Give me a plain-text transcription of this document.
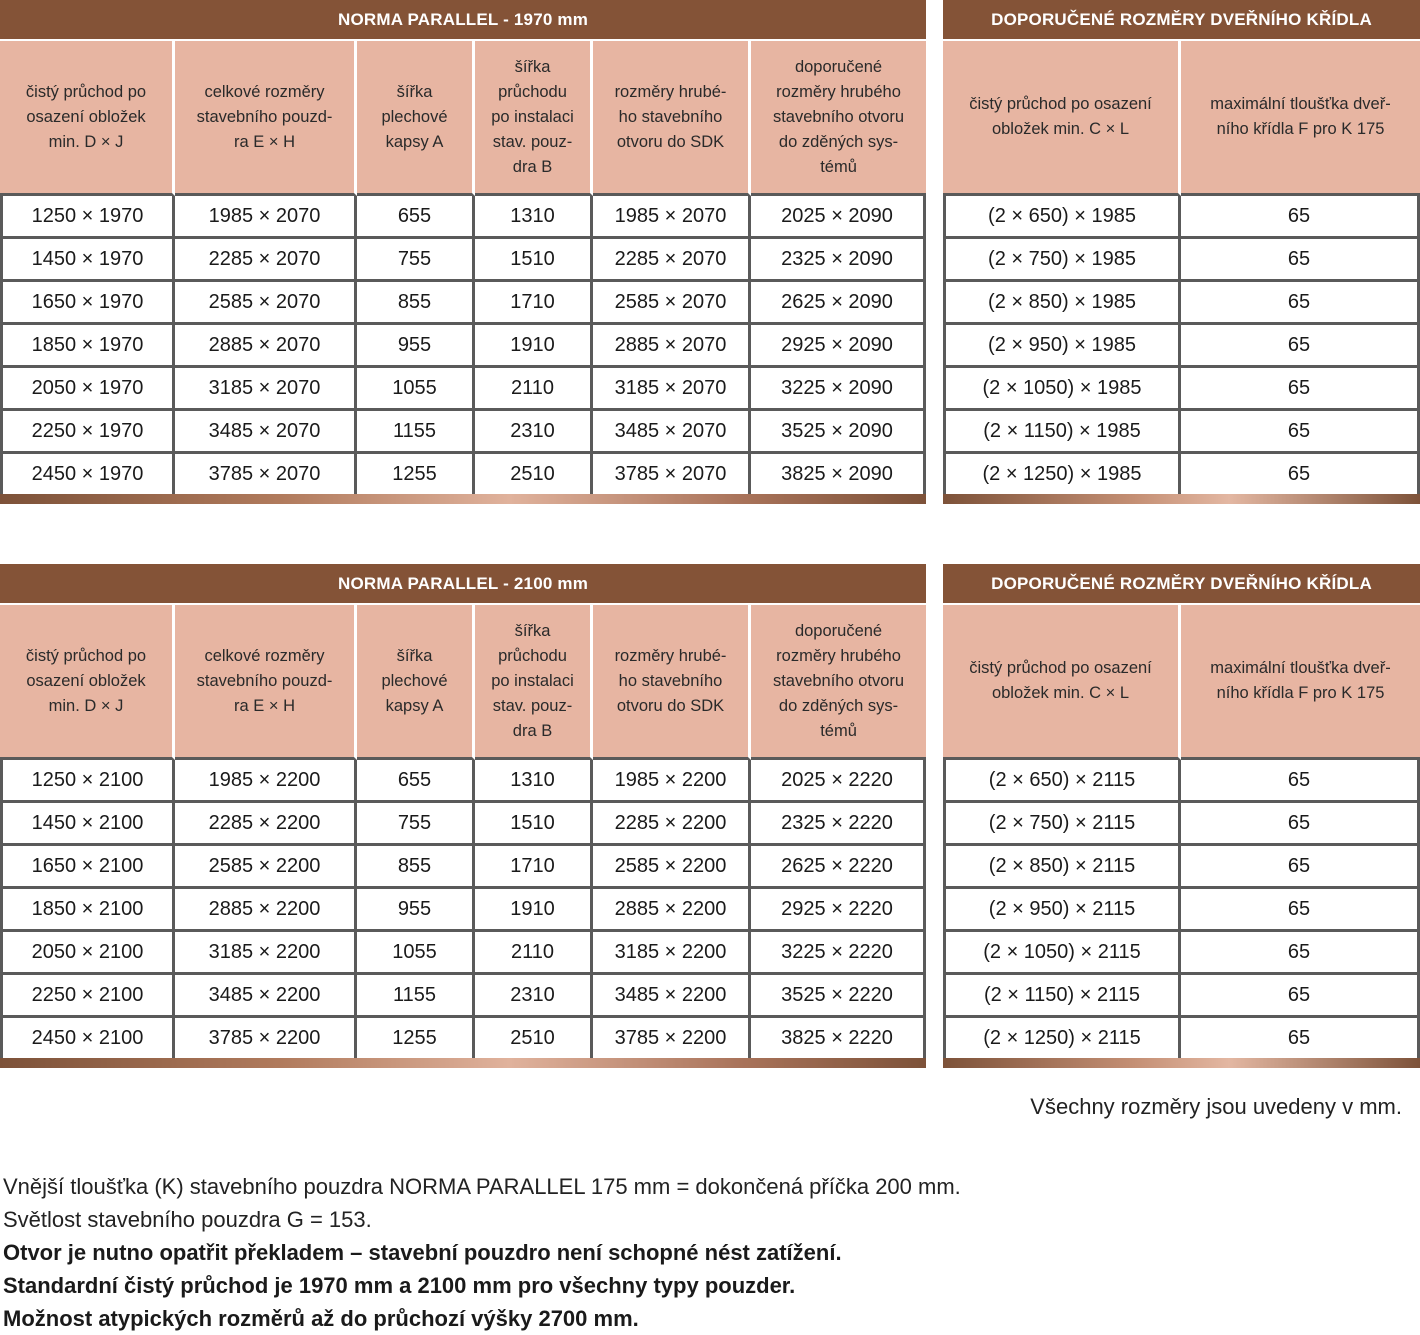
NORMA PARALLEL - 1970 mm					
čistý průchod po
osazení obložek
min. D × J	celkové rozměry
stavebního pouzd-
ra E × H	šířka
plechové
kapsy A	šířka
průchodu
po instalaci
stav. pouz-
dra B	rozměry hrubé-
ho stavebního
otvoru do SDK	doporučené
rozměry hrubého
stavebního otvoru
do zděných sys-
témů
1250 × 1970	1985 × 2070	655	1310	1985 × 2070	2025 × 2090
1450 × 1970	2285 × 2070	755	1510	2285 × 2070	2325 × 2090
1650 × 1970	2585 × 2070	855	1710	2585 × 2070	2625 × 2090
1850 × 1970	2885 × 2070	955	1910	2885 × 2070	2925 × 2090
2050 × 1970	3185 × 2070	1055	2110	3185 × 2070	3225 × 2090
2250 × 1970	3485 × 2070	1155	2310	3485 × 2070	3525 × 2090
2450 × 1970	3785 × 2070	1255	2510	3785 × 2070	3825 × 2090

DOPORUČENÉ ROZMĚRY DVEŘNÍHO KŘÍDLA	
čistý průchod po osazení
obložek min. C × L	maximální tloušťka dveř-
ního křídla F pro K 175
(2 × 650) × 1985	65
(2 × 750) × 1985	65
(2 × 850) × 1985	65
(2 × 950) × 1985	65
(2 × 1050) × 1985	65
(2 × 1150) × 1985	65
(2 × 1250) × 1985	65

NORMA PARALLEL - 2100 mm					
čistý průchod po
osazení obložek
min. D × J	celkové rozměry
stavebního pouzd-
ra E × H	šířka
plechové
kapsy A	šířka
průchodu
po instalaci
stav. pouz-
dra B	rozměry hrubé-
ho stavebního
otvoru do SDK	doporučené
rozměry hrubého
stavebního otvoru
do zděných sys-
témů
1250 × 2100	1985 × 2200	655	1310	1985 × 2200	2025 × 2220
1450 × 2100	2285 × 2200	755	1510	2285 × 2200	2325 × 2220
1650 × 2100	2585 × 2200	855	1710	2585 × 2200	2625 × 2220
1850 × 2100	2885 × 2200	955	1910	2885 × 2200	2925 × 2220
2050 × 2100	3185 × 2200	1055	2110	3185 × 2200	3225 × 2220
2250 × 2100	3485 × 2200	1155	2310	3485 × 2200	3525 × 2220
2450 × 2100	3785 × 2200	1255	2510	3785 × 2200	3825 × 2220

DOPORUČENÉ ROZMĚRY DVEŘNÍHO KŘÍDLA	
čistý průchod po osazení
obložek min. C × L	maximální tloušťka dveř-
ního křídla F pro K 175
(2 × 650) × 2115	65
(2 × 750) × 2115	65
(2 × 850) × 2115	65
(2 × 950) × 2115	65
(2 × 1050) × 2115	65
(2 × 1150) × 2115	65
(2 × 1250) × 2115	65

Všechny rozměry jsou uvedeny v mm.
Vnější tloušťka (K) stavebního pouzdra NORMA PARALLEL 175 mm = dokončená příčka 200 mm.
Světlost stavebního pouzdra G = 153.
Otvor je nutno opatřit překladem – stavební pouzdro není schopné nést zatížení.
Standardní čistý průchod je 1970 mm a 2100 mm pro všechny typy pouzder.
Možnost atypických rozměrů až do průchozí výšky 2700 mm.
